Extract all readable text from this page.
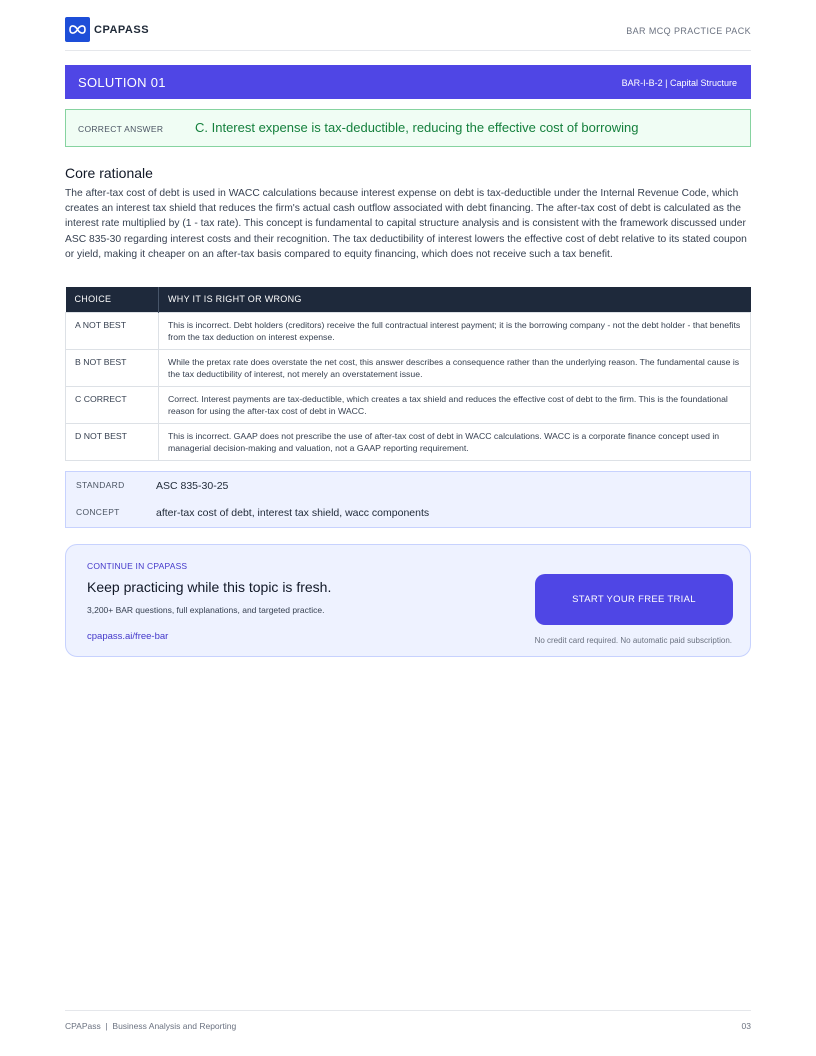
CPAPASS	BAR MCQ PRACTICE PACK
SOLUTION 01	BAR-I-B-2 | Capital Structure
CORRECT ANSWER C. Interest expense is tax-deductible, reducing the effective cost of borrowing
Core rationale
The after-tax cost of debt is used in WACC calculations because interest expense on debt is tax-deductible under the Internal Revenue Code, which creates an interest tax shield that reduces the firm's actual cash outflow associated with debt financing. The after-tax cost of debt is calculated as the interest rate multiplied by (1 - tax rate). This concept is fundamental to capital structure analysis and is consistent with the framework discussed under ASC 835-30 regarding interest costs and their recognition. The tax deductibility of interest lowers the effective cost of debt relative to its stated coupon or yield, making it cheaper on an after-tax basis compared to equity financing, which does not receive such a tax benefit.
CHOICE	WHY IT IS RIGHT OR WRONG
A NOT BEST	This is incorrect. Debt holders (creditors) receive the full contractual interest payment; it is the borrowing company - not the debt holder - that benefits from the tax deduction on interest expense.
B NOT BEST	While the pretax rate does overstate the net cost, this answer describes a consequence rather than the underlying reason. The fundamental cause is the tax deductibility of interest, not merely an overstatement issue.
C CORRECT	Correct. Interest payments are tax-deductible, which creates a tax shield and reduces the effective cost of debt to the firm. This is the foundational reason for using the after-tax cost of debt in WACC.
D NOT BEST	This is incorrect. GAAP does not prescribe the use of after-tax cost of debt in WACC calculations. WACC is a corporate finance concept used in managerial decision-making and valuation, not a GAAP reporting requirement.
STANDARD	ASC 835-30-25
CONCEPT	after-tax cost of debt, interest tax shield, wacc components
CONTINUE IN CPAPASS
Keep practicing while this topic is fresh.
3,200+ BAR questions, full explanations, and targeted practice.
cpapass.ai/free-bar
START YOUR FREE TRIAL
No credit card required. No automatic paid subscription.
CPAPass  |  Business Analysis and Reporting	03
